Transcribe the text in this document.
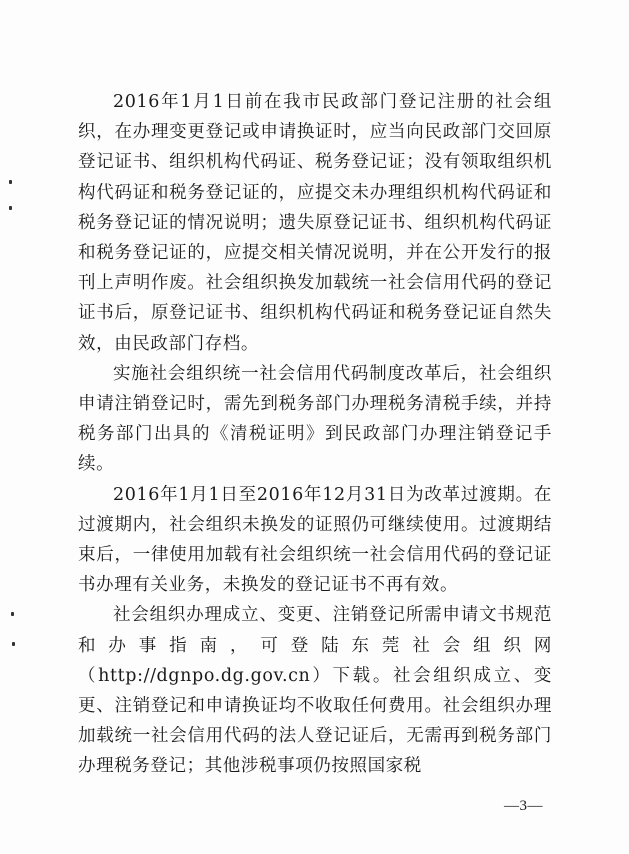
2016年1月1日前在我市民政部门登记注册的社会组织，在办理变更登记或申请换证时，应当向民政部门交回原登记证书、组织机构代码证、税务登记证；没有领取组织机构代码证和税务登记证的，应提交未办理组织机构代码证和税务登记证的情况说明；遗失原登记证书、组织机构代码证和税务登记证的，应提交相关情况说明，并在公开发行的报刊上声明作废。社会组织换发加载统一社会信用代码的登记证书后，原登记证书、组织机构代码证和税务登记证自然失效，由民政部门存档。

实施社会组织统一社会信用代码制度改革后，社会组织申请注销登记时，需先到税务部门办理税务清税手续，并持税务部门出具的《清税证明》到民政部门办理注销登记手续。

2016年1月1日至2016年12月31日为改革过渡期。在过渡期内，社会组织未换发的证照仍可继续使用。过渡期结束后，一律使用加载有社会组织统一社会信用代码的登记证书办理有关业务，未换发的登记证书不再有效。

社会组织办理成立、变更、注销登记所需申请文书规范和办事指南，可登陆东莞社会组织网（http://dgnpo.dg.gov.cn）下载。社会组织成立、变更、注销登记和申请换证均不收取任何费用。社会组织办理加载统一社会信用代码的法人登记证后，无需再到税务部门办理税务登记；其他涉税事项仍按照国家税

—3—
